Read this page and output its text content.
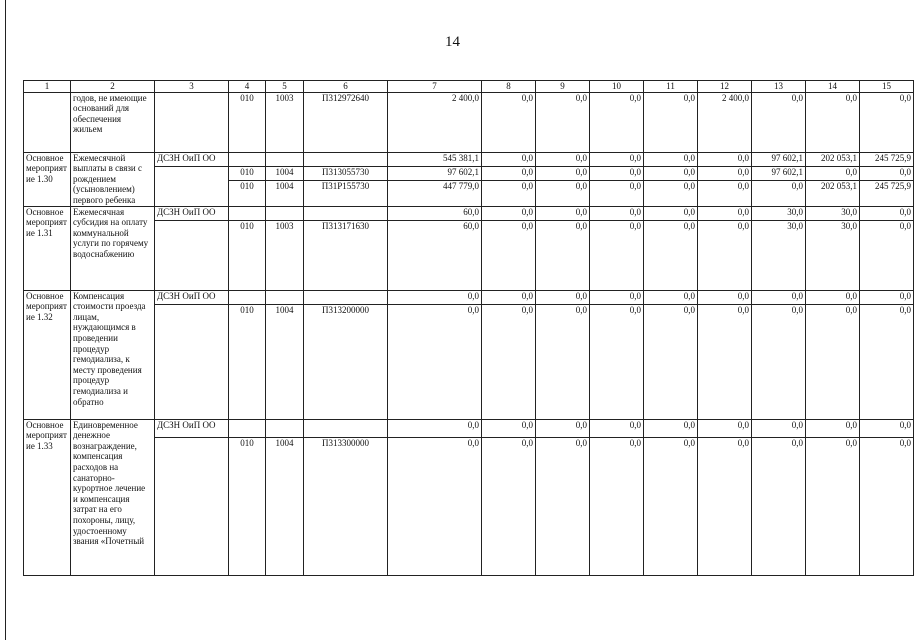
14
1	2	3	4	5	6	7	8	9	10	11	12	13	14	15
	годов, не имеющие оснований для обеспечения жильем		010	1003	П312972640	2 400,0	0,0	0,0	0,0	0,0	2 400,0	0,0	0,0	0,0
Основное мероприятие 1.30	Ежемесячной выплаты в связи с рождением (усыновлением) первого ребенка	ДСЗН ОиП ОО				545 381,1	0,0	0,0	0,0	0,0	0,0	97 602,1	202 053,1	245 725,9
			010	1004	П313055730	97 602,1	0,0	0,0	0,0	0,0	0,0	97 602,1	0,0	0,0
			010	1004	П31Р155730	447 779,0	0,0	0,0	0,0	0,0	0,0	0,0	202 053,1	245 725,9
Основное мероприятие 1.31	Ежемесячная субсидия на оплату коммунальной услуги по горячему водоснабжению	ДСЗН ОиП ОО				60,0	0,0	0,0	0,0	0,0	0,0	30,0	30,0	0,0
			010	1003	П313171630	60,0	0,0	0,0	0,0	0,0	0,0	30,0	30,0	0,0
Основное мероприятие 1.32	Компенсация стоимости проезда лицам, нуждающимся в проведении процедур гемодиализа, к месту проведения процедур гемодиализа и обратно	ДСЗН ОиП ОО				0,0	0,0	0,0	0,0	0,0	0,0	0,0	0,0	0,0
			010	1004	П313200000	0,0	0,0	0,0	0,0	0,0	0,0	0,0	0,0	0,0
Основное мероприятие 1.33	Единовременное денежное вознаграждение, компенсация расходов на санаторно-курортное лечение и компенсация затрат на его похороны, лицу, удостоенному звания «Почетный	ДСЗН ОиП ОО				0,0	0,0	0,0	0,0	0,0	0,0	0,0	0,0	0,0
			010	1004	П313300000	0,0	0,0	0,0	0,0	0,0	0,0	0,0	0,0	0,0
